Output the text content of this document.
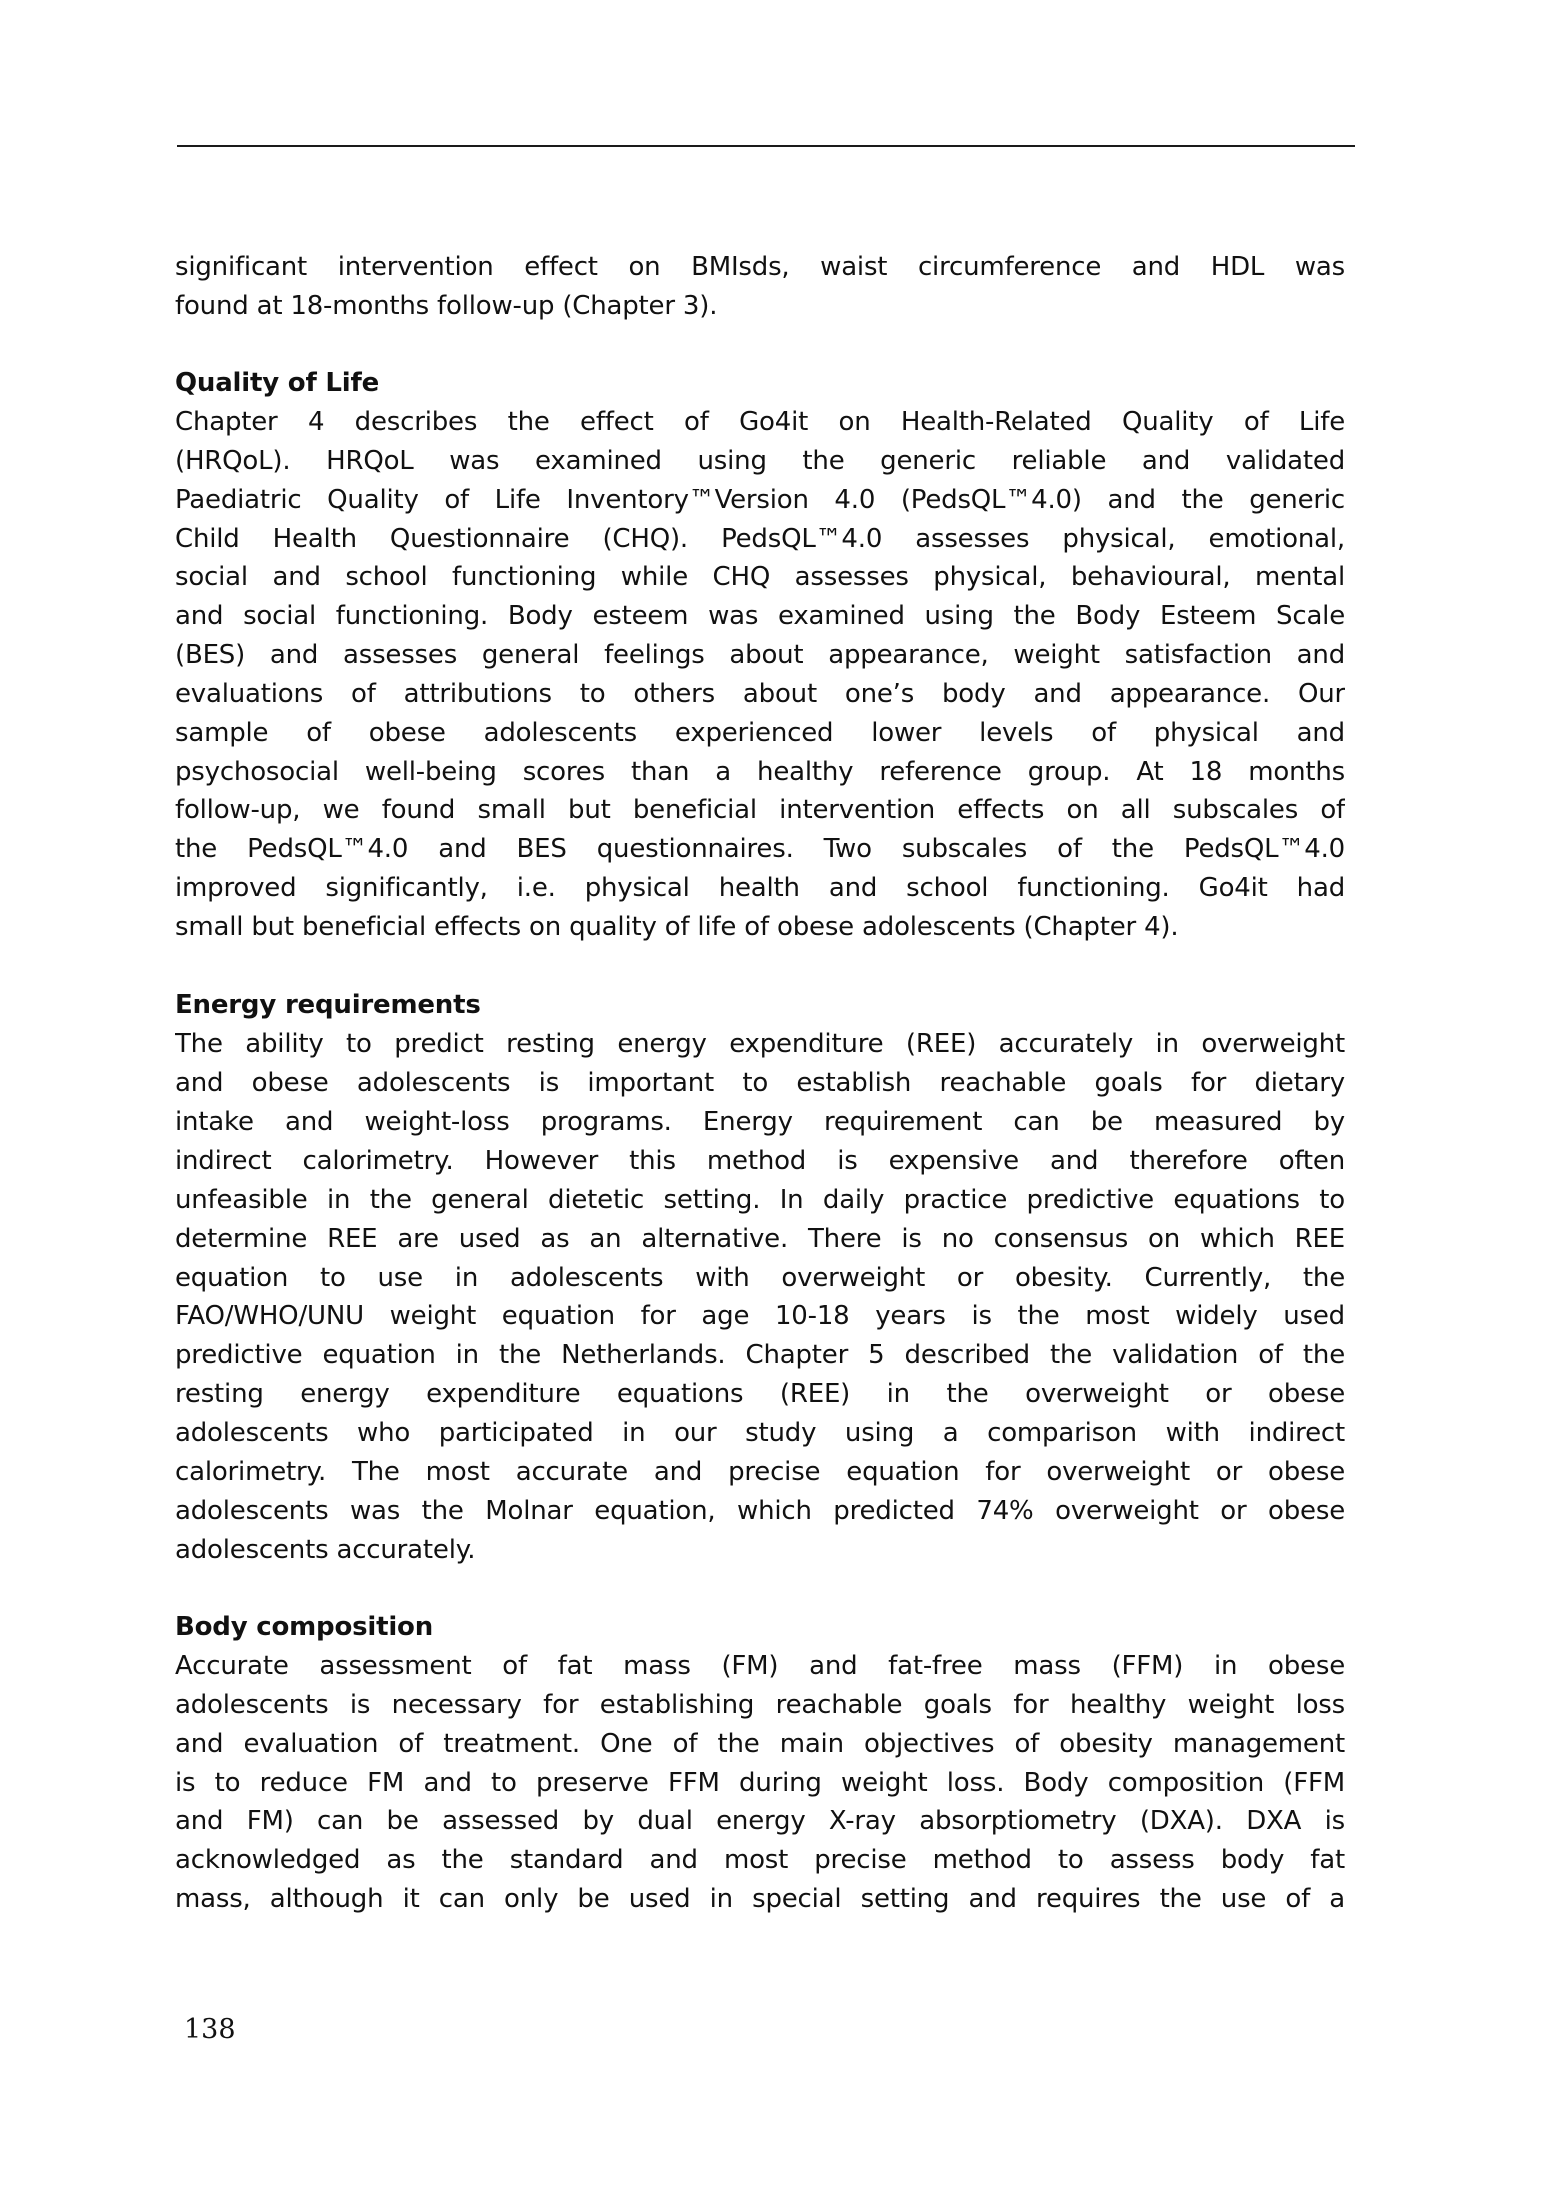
significant intervention effect on BMIsds, waist circumference and HDL was
found at 18-months follow-up (Chapter 3).
Quality of Life
Chapter 4 describes the effect of Go4it on Health-Related Quality of Life
(HRQoL). HRQoL was examined using the generic reliable and validated
Paediatric Quality of Life Inventory™Version 4.0 (PedsQL™4.0) and the generic
Child Health Questionnaire (CHQ). PedsQL™4.0 assesses physical, emotional,
social and school functioning while CHQ assesses physical, behavioural, mental
and social functioning. Body esteem was examined using the Body Esteem Scale
(BES) and assesses general feelings about appearance, weight satisfaction and
evaluations of attributions to others about one’s body and appearance. Our
sample of obese adolescents experienced lower levels of physical and
psychosocial well-being scores than a healthy reference group. At 18 months
follow-up, we found small but beneficial intervention effects on all subscales of
the PedsQL™4.0 and BES questionnaires. Two subscales of the PedsQL™4.0
improved significantly, i.e. physical health and school functioning. Go4it had
small but beneficial effects on quality of life of obese adolescents (Chapter 4).
Energy requirements
The ability to predict resting energy expenditure (REE) accurately in overweight
and obese adolescents is important to establish reachable goals for dietary
intake and weight-loss programs. Energy requirement can be measured by
indirect calorimetry. However this method is expensive and therefore often
unfeasible in the general dietetic setting. In daily practice predictive equations to
determine REE are used as an alternative. There is no consensus on which REE
equation to use in adolescents with overweight or obesity. Currently, the
FAO/WHO/UNU weight equation for age 10-18 years is the most widely used
predictive equation in the Netherlands. Chapter 5 described the validation of the
resting energy expenditure equations (REE) in the overweight or obese
adolescents who participated in our study using a comparison with indirect
calorimetry. The most accurate and precise equation for overweight or obese
adolescents was the Molnar equation, which predicted 74% overweight or obese
adolescents accurately.
Body composition
Accurate assessment of fat mass (FM) and fat-free mass (FFM) in obese
adolescents is necessary for establishing reachable goals for healthy weight loss
and evaluation of treatment. One of the main objectives of obesity management
is to reduce FM and to preserve FFM during weight loss. Body composition (FFM
and FM) can be assessed by dual energy X-ray absorptiometry (DXA). DXA is
acknowledged as the standard and most precise method to assess body fat
mass, although it can only be used in special setting and requires the use of a
138
